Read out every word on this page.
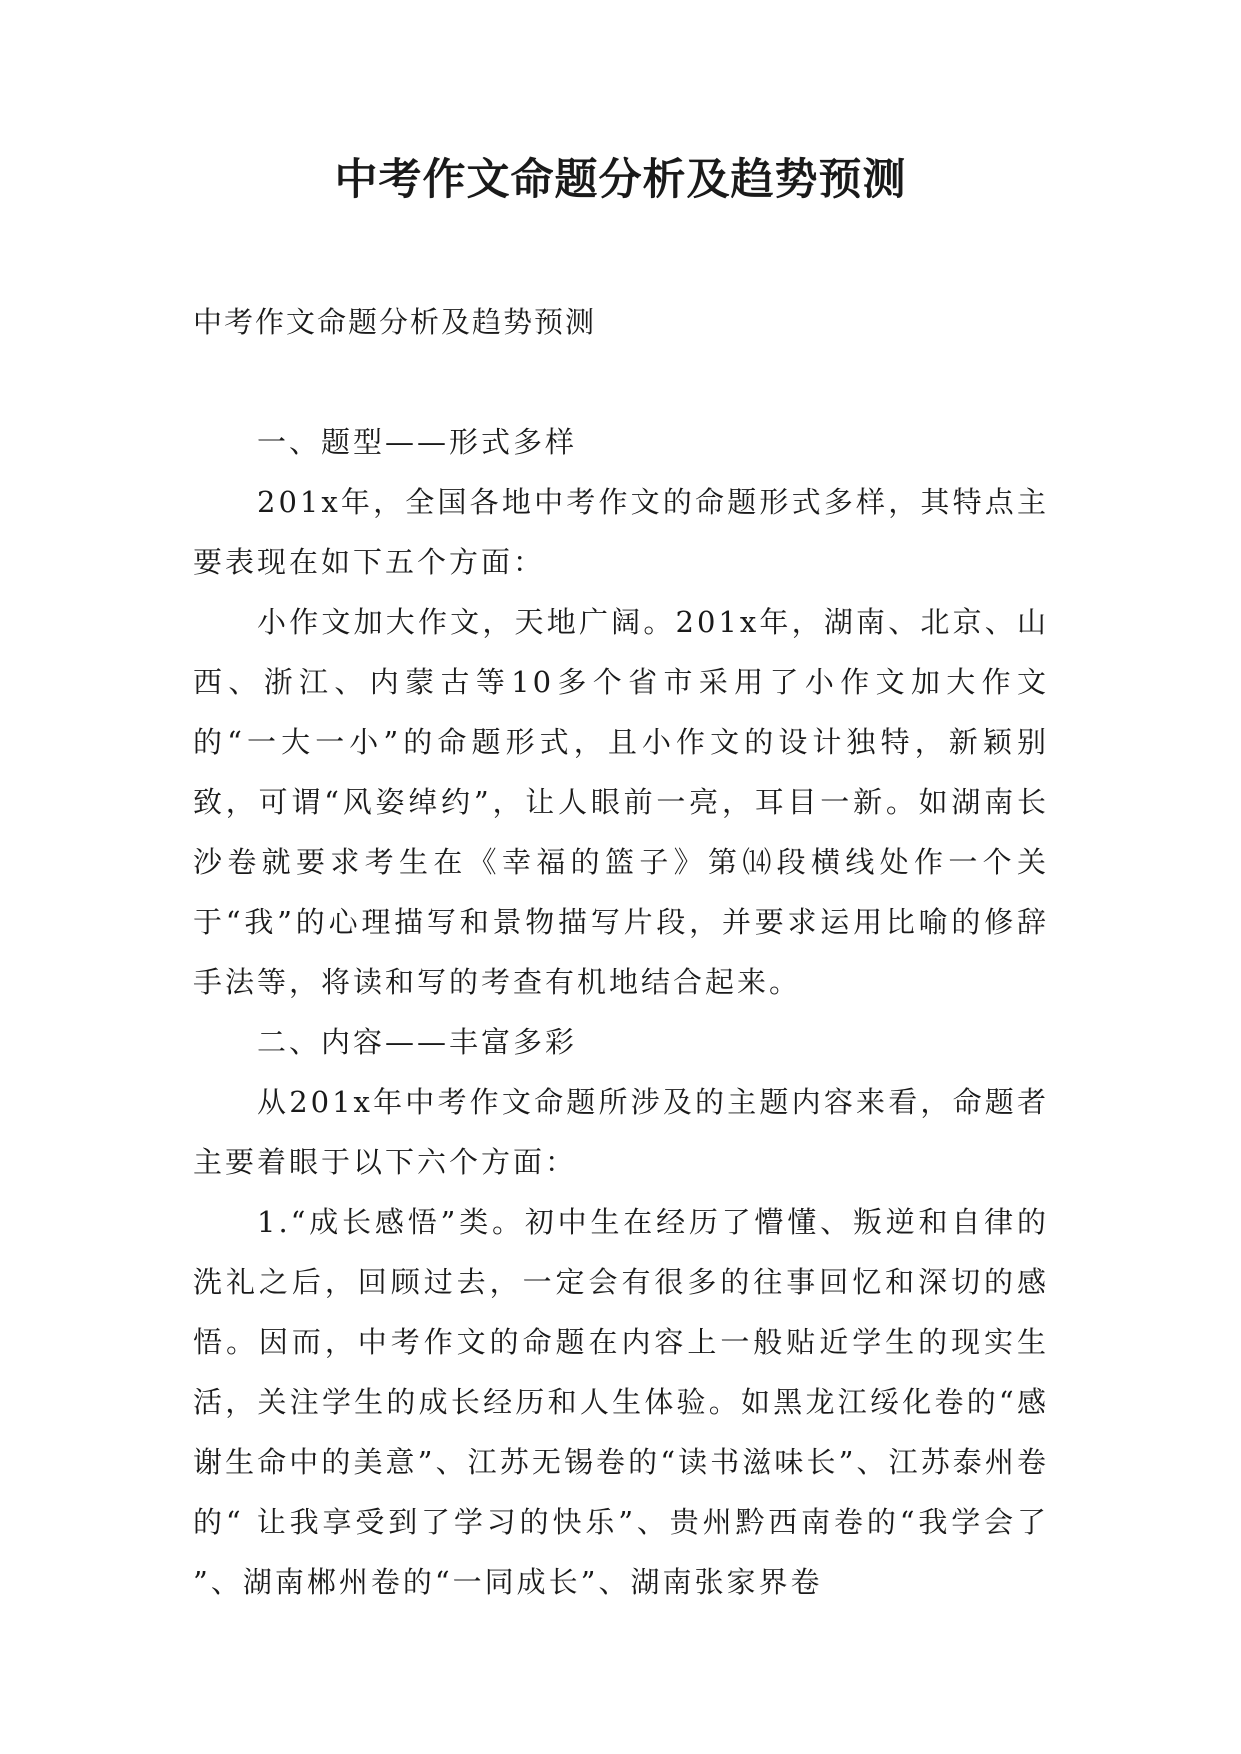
中考作文命题分析及趋势预测

中考作文命题分析及趋势预测

一、题型——形式多样

201x年，全国各地中考作文的命题形式多样，其特点主要表现在如下五个方面：

小作文加大作文，天地广阔。201x年，湖南、北京、山西、浙江、内蒙古等10多个省市采用了小作文加大作文的“一大一小”的命题形式，且小作文的设计独特，新颖别致，可谓“风姿绰约”，让人眼前一亮，耳目一新。如湖南长沙卷就要求考生在《幸福的篮子》第⒁段横线处作一个关于“我”的心理描写和景物描写片段，并要求运用比喻的修辞手法等，将读和写的考查有机地结合起来。

二、内容——丰富多彩

从201x年中考作文命题所涉及的主题内容来看，命题者主要着眼于以下六个方面：

1.“成长感悟”类。初中生在经历了懵懂、叛逆和自律的洗礼之后，回顾过去，一定会有很多的往事回忆和深切的感悟。因而，中考作文的命题在内容上一般贴近学生的现实生活，关注学生的成长经历和人生体验。如黑龙江绥化卷的“感谢生命中的美意”、江苏无锡卷的“读书滋味长”、江苏泰州卷的“ 让我享受到了学习的快乐”、贵州黔西南卷的“我学会了 ”、湖南郴州卷的“一同成长”、湖南张家界卷
